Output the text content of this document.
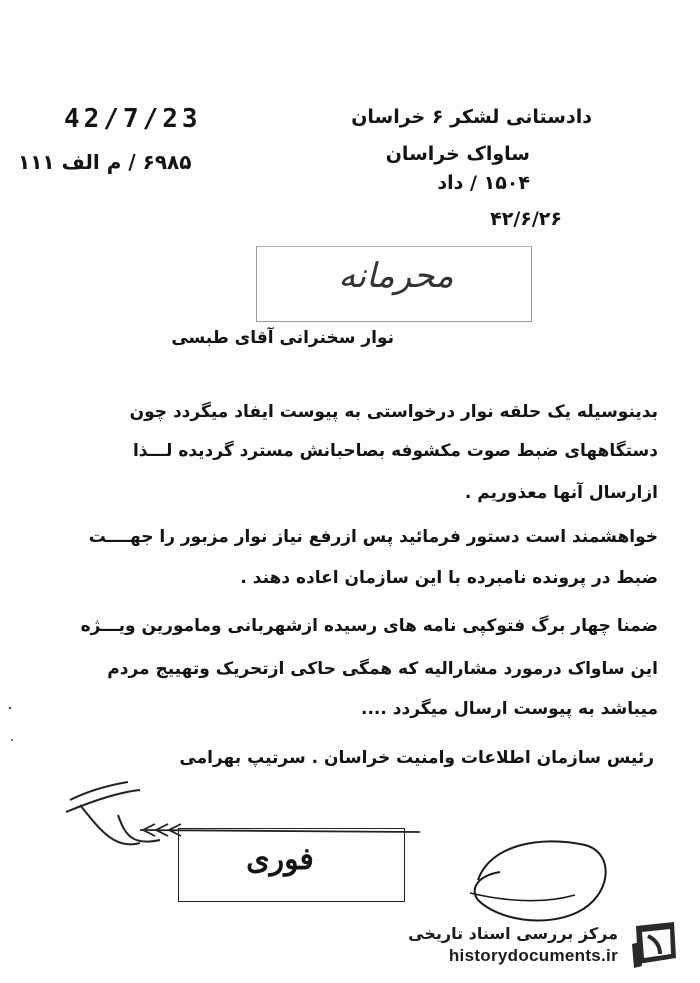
دادستانی لشکر ۶ خراسان
ساواک خراسان
۱۵۰۴ / داد
۴۲/۶/۲۶
42/7/23
۶۹۸۵ / م الف ۱۱۱
محرمانه
نوار سخنرانی آقای طبسی
بدینوسیله یک حلقه نوار درخواستی به پیوست ایفاد میگردد چون
دستگاههای ضبط صوت مکشوفه بصاحبانش مسترد گردیده لـــذا
ازارسال آنها معذوریم .
خواهشمند است دستور فرمائید پس ازرفع نیاز نوار مزبور را جهــــت
ضبط در پرونده نامبرده با این سازمان اعاده دهند .
ضمنا چهار برگ فتوکپی نامه های رسیده ازشهربانی ومامورین ویـــژه
این ساواک درمورد مشارالیه که همگی حاکی ازتحریک وتهییج مردم
میباشد به پیوست ارسال میگردد ....
رئیس سازمان اطلاعات وامنیت خراسان . سرتیپ بهرامی
فوری
مرکز بررسی اسناد تاریخی
historydocuments.ir
